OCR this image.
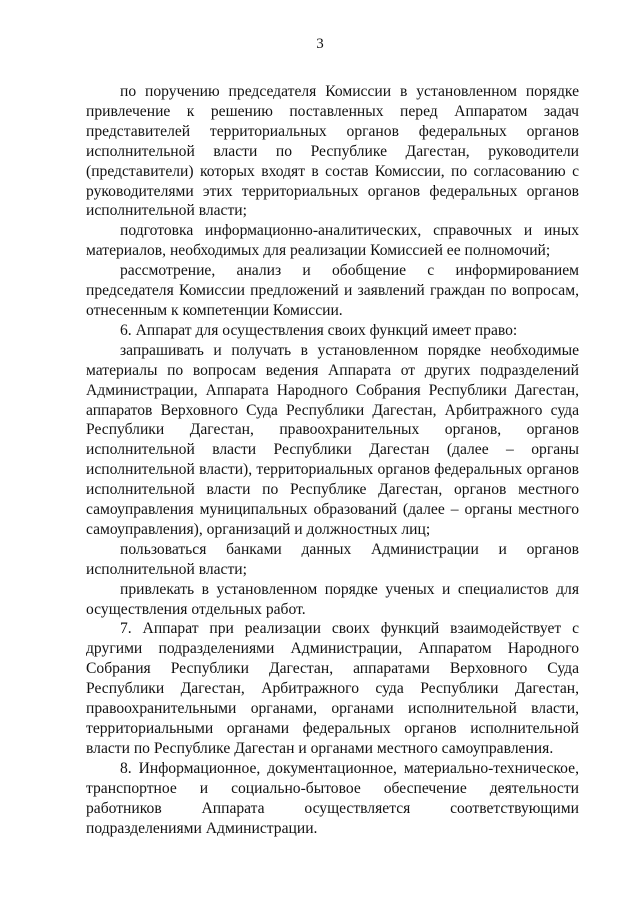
3

по поручению председателя Комиссии в установленном порядке привлечение к решению поставленных перед Аппаратом задач представителей территориальных органов федеральных органов исполнительной власти по Республике Дагестан, руководители (представители) которых входят в состав Комиссии, по согласованию с руководителями этих территориальных органов федеральных органов исполнительной власти;

подготовка информационно-аналитических, справочных и иных материалов, необходимых для реализации Комиссией ее полномочий;

рассмотрение, анализ и обобщение с информированием председателя Комиссии предложений и заявлений граждан по вопросам, отнесенным к компетенции Комиссии.

6. Аппарат для осуществления своих функций имеет право:

запрашивать и получать в установленном порядке необходимые материалы по вопросам ведения Аппарата от других подразделений Администрации, Аппарата Народного Собрания Республики Дагестан, аппаратов Верховного Суда Республики Дагестан, Арбитражного суда Республики Дагестан, правоохранительных органов, органов исполнительной власти Республики Дагестан (далее – органы исполнительной власти), территориальных органов федеральных органов исполнительной власти по Республике Дагестан, органов местного самоуправления муниципальных образований (далее – органы местного самоуправления), организаций и должностных лиц;

пользоваться банками данных Администрации и органов исполнительной власти;

привлекать в установленном порядке ученых и специалистов для осуществления отдельных работ.

7. Аппарат при реализации своих функций взаимодействует с другими подразделениями Администрации, Аппаратом Народного Собрания Республики Дагестан, аппаратами Верховного Суда Республики Дагестан, Арбитражного суда Республики Дагестан, правоохранительными органами, органами исполнительной власти, территориальными органами федеральных органов исполнительной власти по Республике Дагестан и органами местного самоуправления.

8. Информационное, документационное, материально-техническое, транспортное и социально-бытовое обеспечение деятельности работников Аппарата осуществляется соответствующими подразделениями Администрации.
